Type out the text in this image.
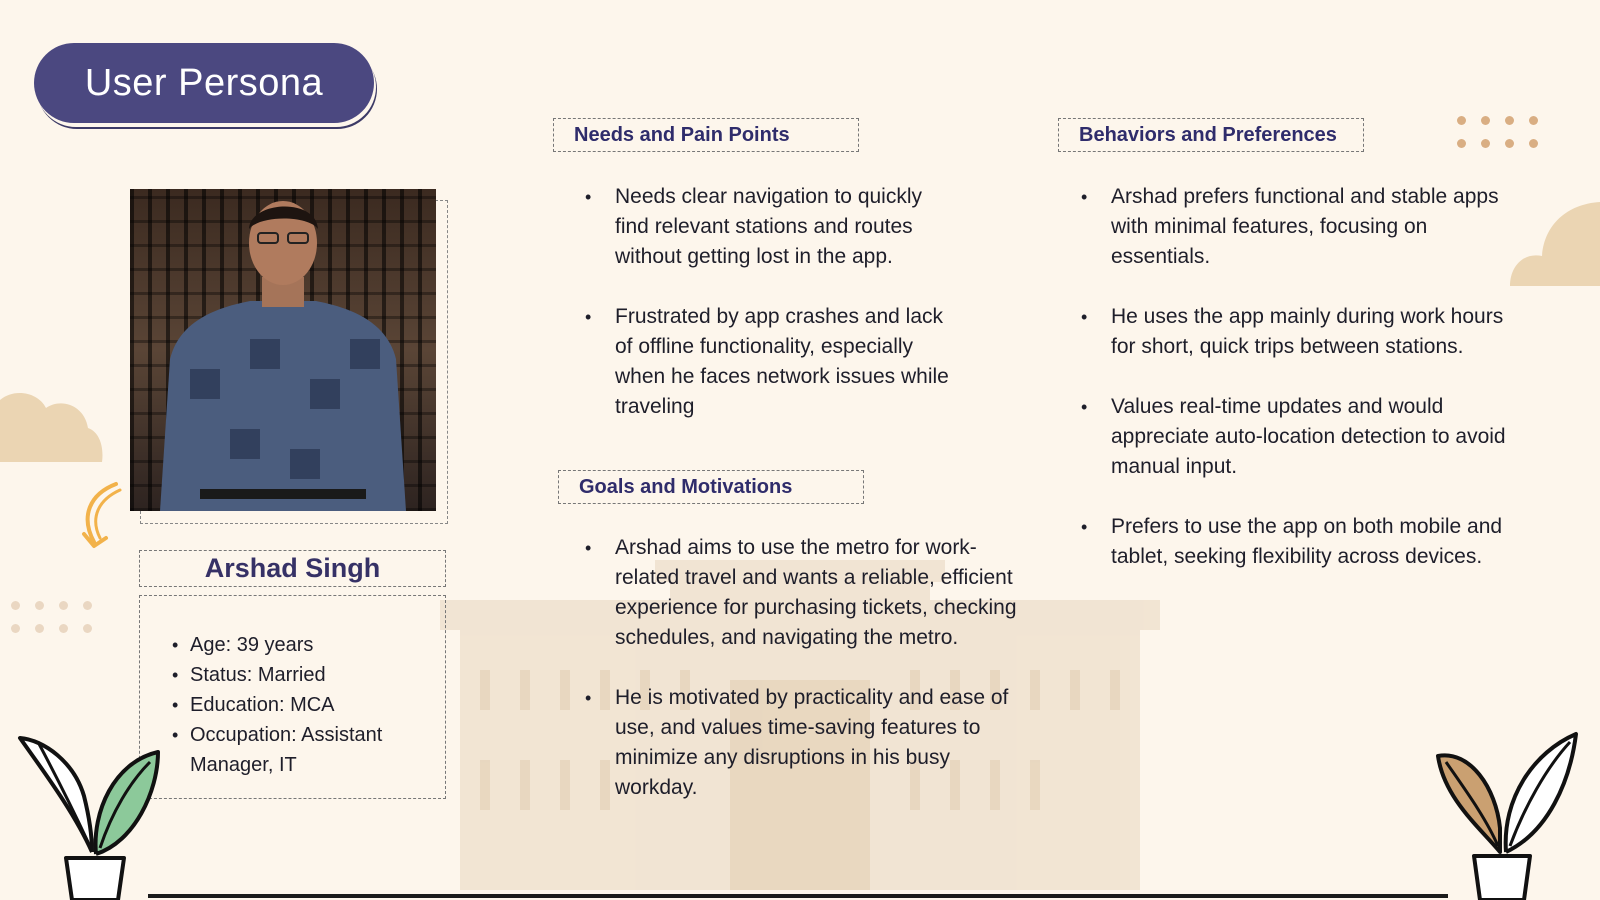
User Persona
Arshad Singh
• Age: 39 years
• Status: Married
• Education: MCA
• Occupation: Assistant Manager, IT
Needs and Pain Points
• Needs clear navigation to quickly find relevant stations and routes without getting lost in the app.
• Frustrated by app crashes and lack of offline functionality, especially when he faces network issues while traveling
Goals and Motivations
• Arshad aims to use the metro for work-related travel and wants a reliable, efficient experience for purchasing tickets, checking schedules, and navigating the metro.
• He is motivated by practicality and ease of use, and values time-saving features to minimize any disruptions in his busy workday.
Behaviors and Preferences
• Arshad prefers functional and stable apps with minimal features, focusing on essentials.
• He uses the app mainly during work hours for short, quick trips between stations.
• Values real-time updates and would appreciate auto-location detection to avoid manual input.
• Prefers to use the app on both mobile and tablet, seeking flexibility across devices.
